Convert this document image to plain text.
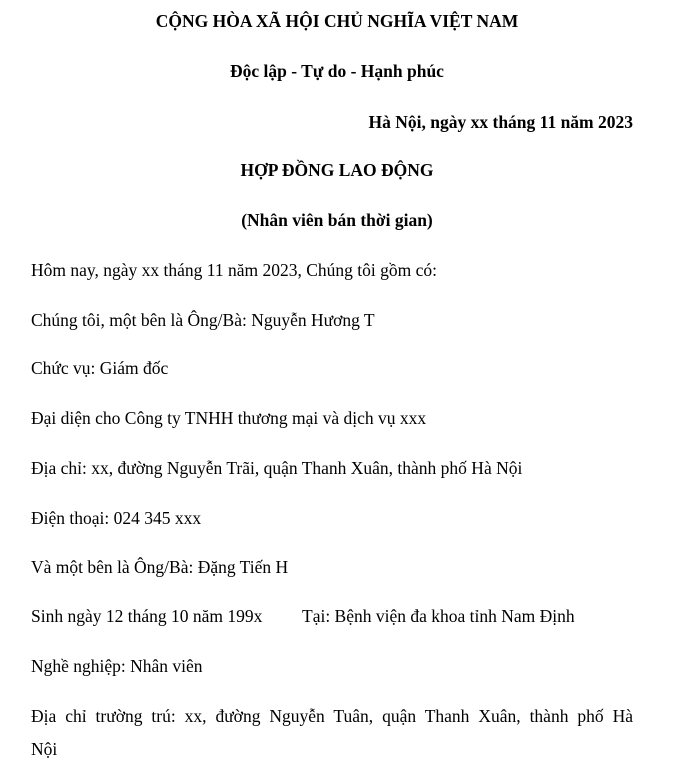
CỘNG HÒA XÃ HỘI CHỦ NGHĨA VIỆT NAM
Độc lập - Tự do - Hạnh phúc
Hà Nội, ngày xx tháng 11 năm 2023
HỢP ĐỒNG LAO ĐỘNG
(Nhân viên bán thời gian)
Hôm nay, ngày xx tháng 11 năm 2023, Chúng tôi gồm có:
Chúng tôi, một bên là Ông/Bà: Nguyễn Hương T
Chức vụ: Giám đốc
Đại diện cho Công ty TNHH thương mại và dịch vụ xxx
Địa chỉ: xx, đường Nguyễn Trãi, quận Thanh Xuân, thành phố Hà Nội
Điện thoại: 024 345 xxx
Và một bên là Ông/Bà: Đặng Tiến H
Sinh ngày 12 tháng 10 năm 199x Tại: Bệnh viện đa khoa tỉnh Nam Định
Nghề nghiệp: Nhân viên
Địa chỉ trường trú: xx, đường Nguyễn Tuân, quận Thanh Xuân, thành phố Hà
Nội
